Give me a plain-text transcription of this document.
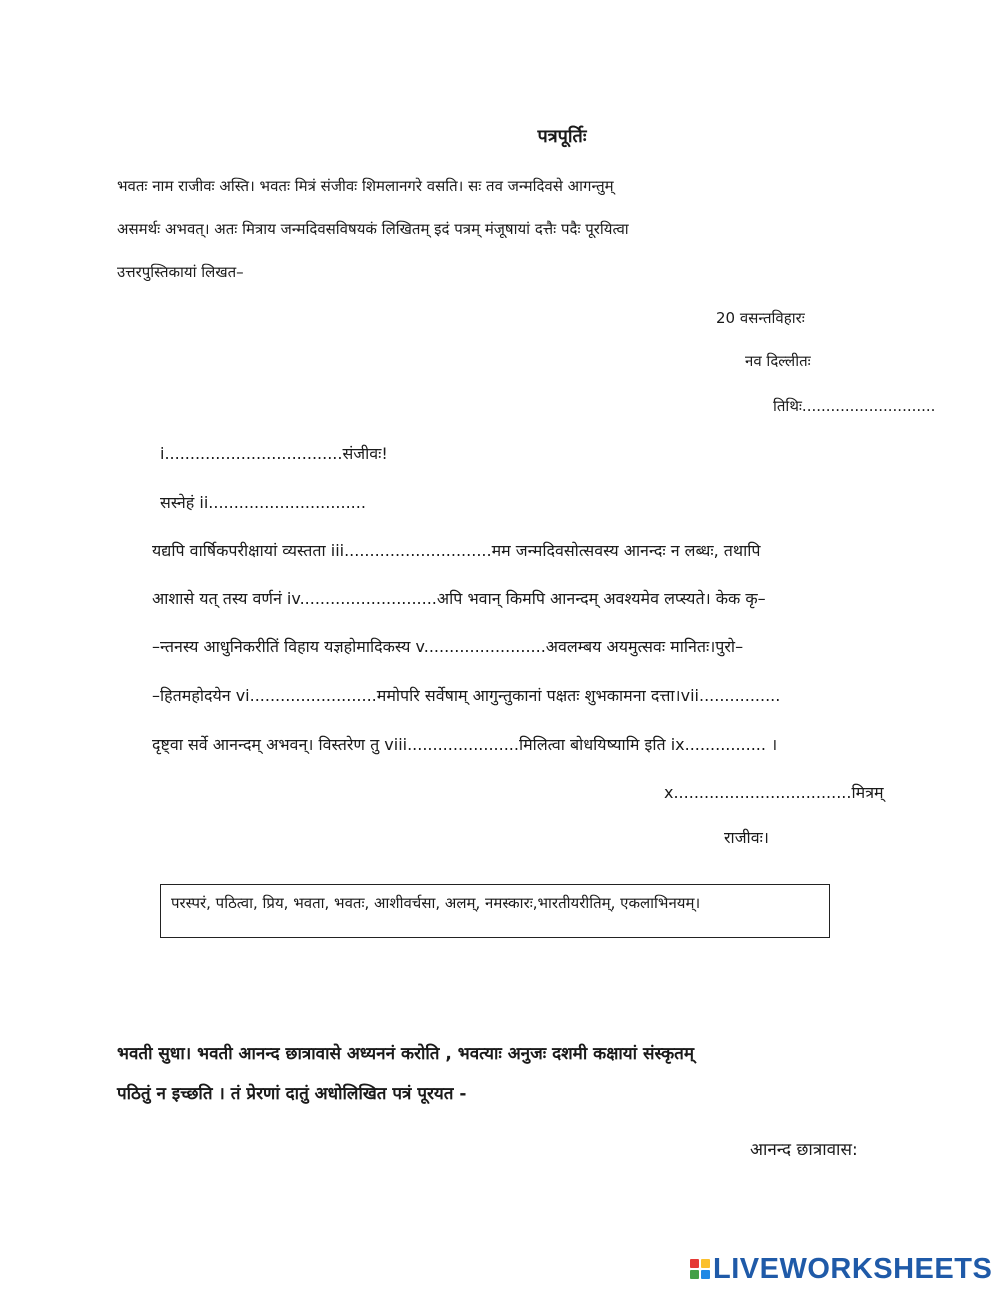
पत्रपूर्तिः
भवतः नाम राजीवः अस्ति। भवतः मित्रं संजीवः शिमलानगरे वसति। सः तव जन्मदिवसे आगन्तुम्
असमर्थः अभवत्। अतः मित्राय जन्मदिवसविषयकं लिखितम् इदं पत्रम् मंजूषायां दत्तैः पदैः पूरयित्वा
उत्तरपुस्तिकायां लिखत–
20 वसन्तविहारः
नव दिल्लीतः
तिथिः............................
i...................................संजीवः!
सस्नेहं ii...............................
यद्यपि वार्षिकपरीक्षायां व्यस्तता iii.............................मम जन्मदिवसोत्सवस्य आनन्दः न लब्धः, तथापि
आशासे यत् तस्य वर्णनं iv...........................अपि भवान् किमपि आनन्दम् अवश्यमेव लप्स्यते। केक कृ–
–न्तनस्य आधुनिकरीतिं विहाय यज्ञहोमादिकस्य v........................अवलम्बय अयमुत्सवः मानितः।पुरो–
–हितमहोदयेन vi.........................ममोपरि सर्वेषाम् आगुन्तुकानां पक्षतः शुभकामना दत्ता।vii................
दृष्ट्वा सर्वे आनन्दम् अभवन्। विस्तरेण तु viii......................मिलित्वा बोधयिष्यामि इति ix................ ।
x...................................मित्रम्
राजीवः।
परस्परं, पठित्वा, प्रिय, भवता, भवतः, आशीवर्चसा, अलम्, नमस्कारः,भारतीयरीतिम्, एकलाभिनयम्।
भवती सुधा। भवती आनन्द छात्रावासे अध्यननं करोति , भवत्याः अनुजः दशमी कक्षायां संस्कृतम्
पठितुं न इच्छति । तं प्रेरणां दातुं अधोलिखित पत्रं पूरयत -
आनन्द छात्रावास:
LIVEWORKSHEETS
